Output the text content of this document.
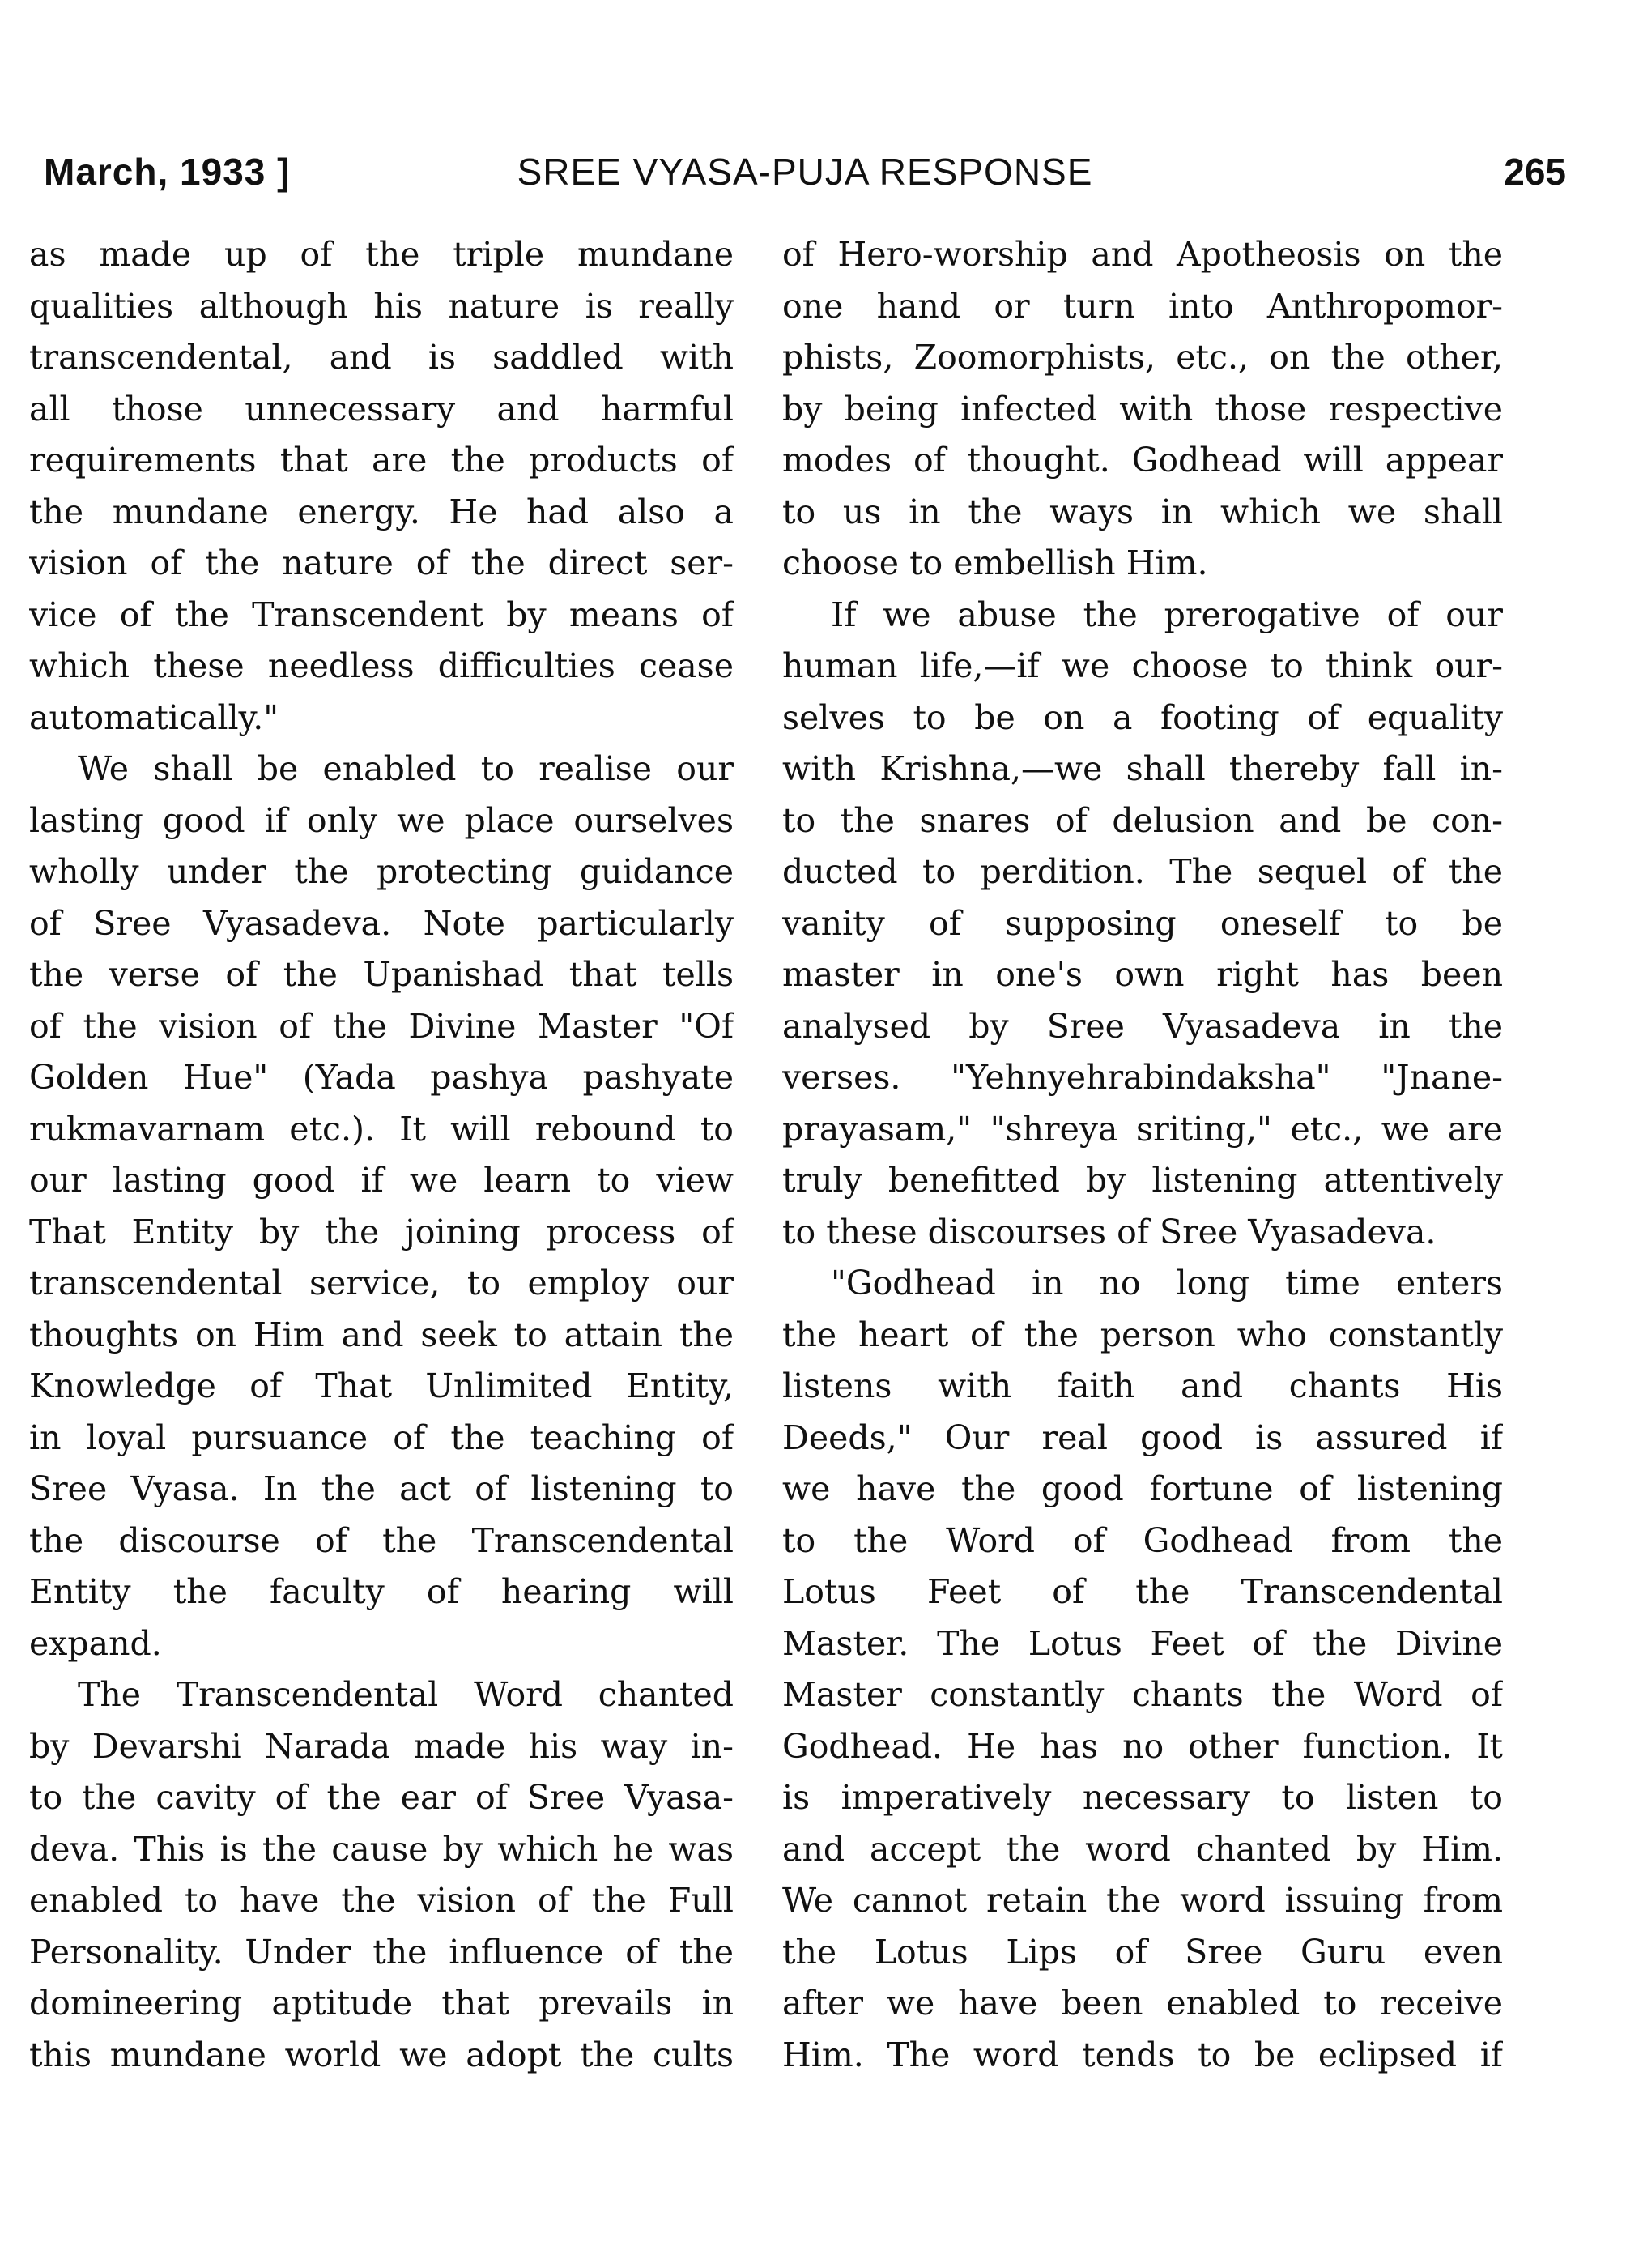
March, 1933 ]	SREE VYASA-PUJA RESPONSE	265
as made up of the triple mundane
qualities although his nature is really
transcendental, and is saddled with
all those unnecessary and harmful
requirements that are the products of
the mundane energy. He had also a
vision of the nature of the direct ser-
vice of the Transcendent by means of
which these needless difficulties cease
automatically."
We shall be enabled to realise our
lasting good if only we place ourselves
wholly under the protecting guidance
of Sree Vyasadeva. Note particularly
the verse of the Upanishad that tells
of the vision of the Divine Master "Of
Golden Hue" (Yada pashya pashyate
rukmavarnam etc.). It will rebound to
our lasting good if we learn to view
That Entity by the joining process of
transcendental service, to employ our
thoughts on Him and seek to attain the
Knowledge of That Unlimited Entity,
in loyal pursuance of the teaching of
Sree Vyasa. In the act of listening to
the discourse of the Transcendental
Entity the faculty of hearing will
expand.
The Transcendental Word chanted
by Devarshi Narada made his way in-
to the cavity of the ear of Sree Vyasa-
deva. This is the cause by which he was
enabled to have the vision of the Full
Personality. Under the influence of the
domineering aptitude that prevails in
this mundane world we adopt the cults
of Hero-worship and Apotheosis on the
one hand or turn into Anthropomor-
phists, Zoomorphists, etc., on the other,
by being infected with those respective
modes of thought. Godhead will appear
to us in the ways in which we shall
choose to embellish Him.
If we abuse the prerogative of our
human life,—if we choose to think our-
selves to be on a footing of equality
with Krishna,—we shall thereby fall in-
to the snares of delusion and be con-
ducted to perdition. The sequel of the
vanity of supposing oneself to be
master in one's own right has been
analysed by Sree Vyasadeva in the
verses. "Yehnyehrabindaksha" "Jnane-
prayasam," "shreya sriting," etc., we are
truly benefitted by listening attentively
to these discourses of Sree Vyasadeva.
"Godhead in no long time enters
the heart of the person who constantly
listens with faith and chants His
Deeds," Our real good is assured if
we have the good fortune of listening
to the Word of Godhead from the
Lotus Feet of the Transcendental
Master. The Lotus Feet of the Divine
Master constantly chants the Word of
Godhead. He has no other function. It
is imperatively necessary to listen to
and accept the word chanted by Him.
We cannot retain the word issuing from
the Lotus Lips of Sree Guru even
after we have been enabled to receive
Him. The word tends to be eclipsed if
